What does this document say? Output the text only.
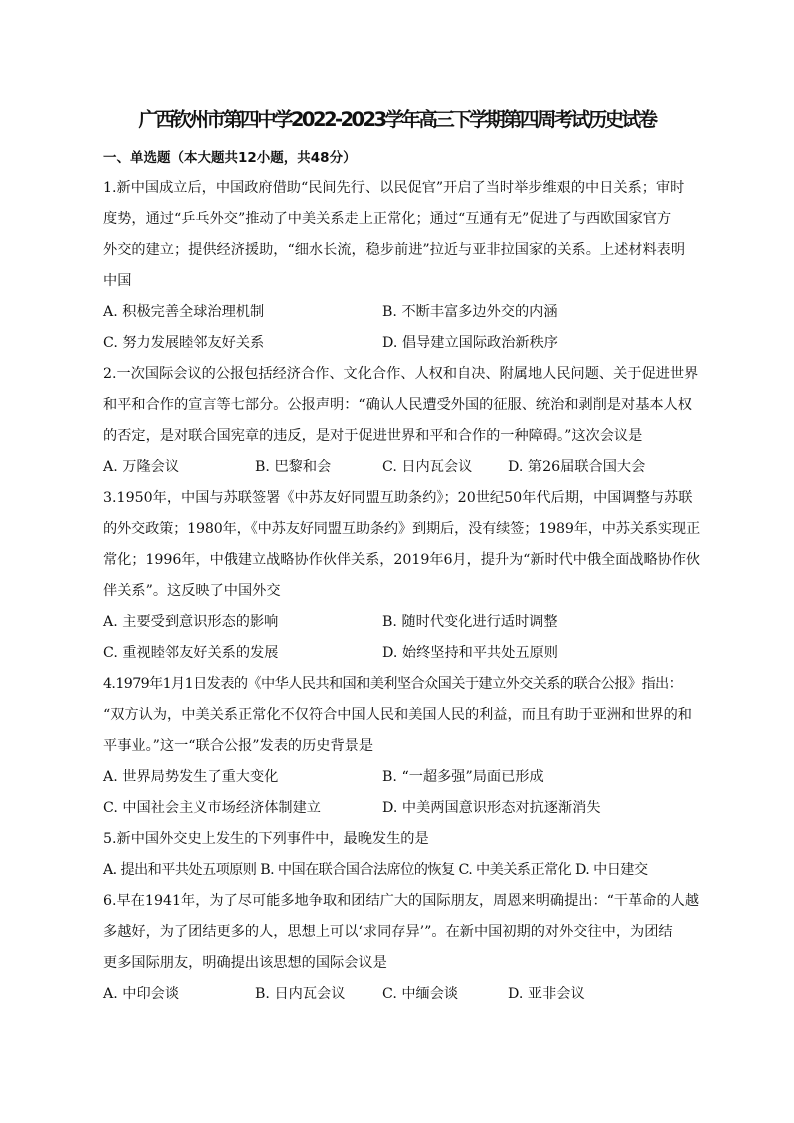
广西钦州市第四中学2022-2023学年高三下学期第四周考试历史试卷
一、单选题（本大题共12小题，共48分）
1.新中国成立后，中国政府借助“民间先行、以民促官”开启了当时举步维艰的中日关系；审时
度势，通过“乒乓外交”推动了中美关系走上正常化；通过“互通有无”促进了与西欧国家官方
外交的建立；提供经济援助，“细水长流，稳步前进”拉近与亚非拉国家的关系。上述材料表明
中国
A. 积极完善全球治理机制	B. 不断丰富多边外交的内涵
C. 努力发展睦邻友好关系	D. 倡导建立国际政治新秩序
2.一次国际会议的公报包括经济合作、文化合作、人权和自决、附属地人民问题、关于促进世界
和平和合作的宣言等七部分。公报声明：“确认人民遭受外国的征服、统治和剥削是对基本人权
的否定，是对联合国宪章的违反，是对于促进世界和平和合作的一种障碍。”这次会议是
A. 万隆会议	B. 巴黎和会	C. 日内瓦会议	D. 第26届联合国大会
3.1950年，中国与苏联签署《中苏友好同盟互助条约》；20世纪50年代后期，中国调整与苏联
的外交政策；1980年，《中苏友好同盟互助条约》到期后，没有续签；1989年，中苏关系实现正
常化；1996年，中俄建立战略协作伙伴关系，2019年6月，提升为“新时代中俄全面战略协作伙
伴关系”。这反映了中国外交
A. 主要受到意识形态的影响	B. 随时代变化进行适时调整
C. 重视睦邻友好关系的发展	D. 始终坚持和平共处五原则
4.1979年1月1日发表的《中华人民共和国和美利坚合众国关于建立外交关系的联合公报》指出：
“双方认为，中美关系正常化不仅符合中国人民和美国人民的利益，而且有助于亚洲和世界的和
平事业。”这一“联合公报”发表的历史背景是
A. 世界局势发生了重大变化	B. “一超多强”局面已形成
C. 中国社会主义市场经济体制建立	D. 中美两国意识形态对抗逐渐消失
5.新中国外交史上发生的下列事件中，最晚发生的是
A. 提出和平共处五项原则 B. 中国在联合国合法席位的恢复 C. 中美关系正常化 D. 中日建交
6.早在1941年，为了尽可能多地争取和团结广大的国际朋友，周恩来明确提出：“干革命的人越
多越好，为了团结更多的人，思想上可以‘求同存异’”。在新中国初期的对外交往中，为团结
更多国际朋友，明确提出该思想的国际会议是
A. 中印会谈	B. 日内瓦会议	C. 中缅会谈	D. 亚非会议
